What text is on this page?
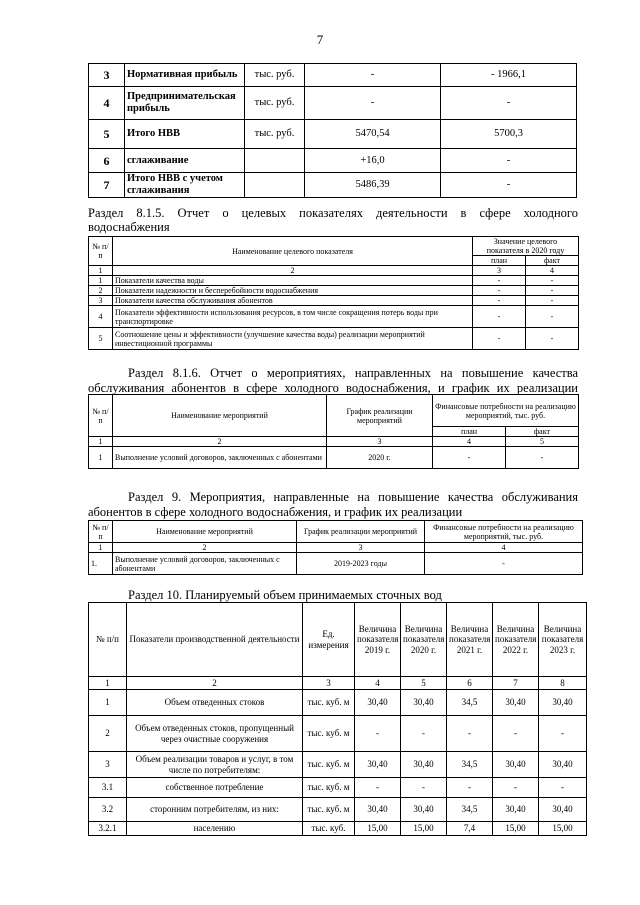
7
3	Нормативная прибыль	тыс. руб.	-	- 1966,1
4	Предпринимательская прибыль	тыс. руб.	-	-
5	Итого НВВ	тыс. руб.	5470,54	5700,3
6	сглаживание		+16,0	-
7	Итого НВВ с учетом сглаживания		5486,39	-
Раздел 8.1.5. Отчет о целевых показателях деятельности в сфере холодного
водоснабжения
№ п/п	Наименование целевого показателя	Значение целевого показателя в 2020 году	
		план	факт
1	2	3	4
1	Показатели качества воды	-	-
2	Показатели надежности и бесперебойности водоснабжения	-	-
3	Показатели качества обслуживания абонентов	-	-
4	Показатели эффективности использования ресурсов, в том числе сокращения потерь воды при транспортировке	-	-
5	Соотношение цены и эффективности (улучшение качества воды) реализации мероприятий инвестиционной программы	-	-
Раздел 8.1.6. Отчет о мероприятиях, направленных на повышение качества
обслуживания абонентов в сфере холодного водоснабжения, и график их реализации
№ п/п	Наименование мероприятий	График реализации мероприятий	Финансовые потребности на реализацию мероприятий, тыс. руб.	
			план	факт
1	2	3	4	5
1	Выполнение условий договоров, заключенных с абонентами	2020 г.	-	-
Раздел 9. Мероприятия, направленные на повышение качества обслуживания
абонентов в сфере холодного водоснабжения, и график их реализации
№ п/п	Наименование мероприятий	График реализации мероприятий	Финансовые потребности на реализацию мероприятий, тыс. руб.
1	2	3	4
1.	Выполнение условий договоров, заключенных с абонентами	2019-2023 годы	-
Раздел 10. Планируемый объем принимаемых сточных вод
№ п/п	Показатели производственной деятельности	Ед. измерения	Величина показателя 2019 г.	Величина показателя 2020 г.	Величина показателя 2021 г.	Величина показателя 2022 г.	Величина показателя 2023 г.
1	2	3	4	5	6	7	8
1	Объем отведенных стоков	тыс. куб. м	30,40	30,40	34,5	30,40	30,40
2	Объем отведенных стоков, пропущенный через очистные сооружения	тыс. куб. м	-	-	-	-	-
3	Объем реализации товаров и услуг, в том числе по потребителям:	тыс. куб. м	30,40	30,40	34,5	30,40	30,40
3.1	собственное потребление	тыс. куб. м	-	-	-	-	-
3.2	сторонним потребителям, из них:	тыс. куб. м	30,40	30,40	34,5	30,40	30,40
3.2.1	населению	тыс. куб.	15,00	15,00	7,4	15,00	15,00
